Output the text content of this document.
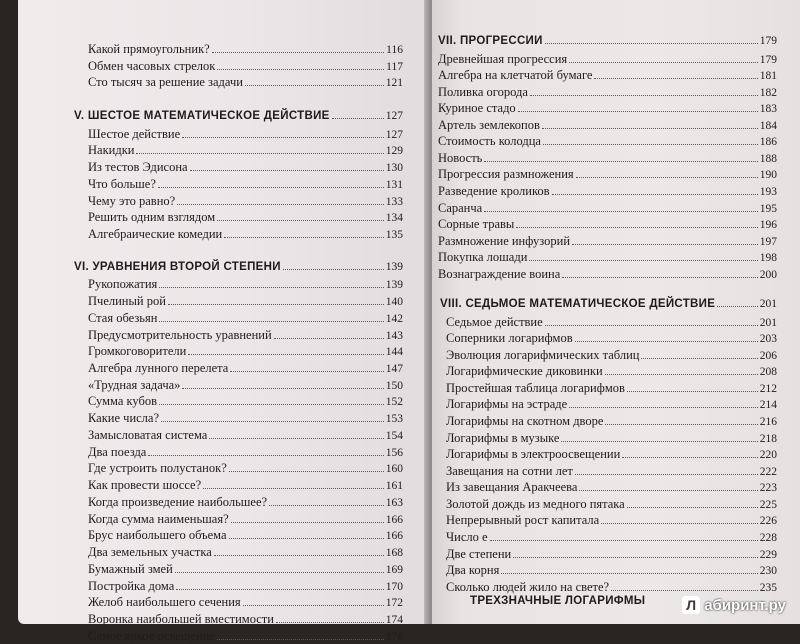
Какой прямоугольник?	116
Обмен часовых стрелок	117
Сто тысяч за решение задачи	121
V. ШЕСТОЕ МАТЕМАТИЧЕСКОЕ ДЕЙСТВИЕ	127
Шестое действие	127
Накидки	129
Из тестов Эдисона	130
Что больше?	131
Чему это равно?	133
Решить одним взглядом	134
Алгебраические комедии	135
VI. УРАВНЕНИЯ ВТОРОЙ СТЕПЕНИ	139
Рукопожатия	139
Пчелиный рой	140
Стая обезьян	142
Предусмотрительность уравнений	143
Громкоговорители	144
Алгебра лунного перелета	147
«Трудная задача»	150
Сумма кубов	152
Какие числа?	153
Замысловатая система	154
Два поезда	156
Где устроить полустанок?	160
Как провести шоссе?	161
Когда произведение наибольшее?	163
Когда сумма наименьшая?	166
Брус наибольшего объема	166
Два земельных участка	168
Бумажный змей	169
Постройка дома	170
Желоб наибольшего сечения	172
Воронка наибольшей вместимости	174
Самое яркое освещение	176
VII. ПРОГРЕССИИ	179
Древнейшая прогрессия	179
Алгебра на клетчатой бумаге	181
Поливка огорода	182
Куриное стадо	183
Артель землекопов	184
Стоимость колодца	186
Новость	188
Прогрессия размножения	190
Разведение кроликов	193
Саранча	195
Сорные травы	196
Размножение инфузорий	197
Покупка лошади	198
Вознаграждение воина	200
VIII. СЕДЬМОЕ МАТЕМАТИЧЕСКОЕ ДЕЙСТВИЕ	201
Седьмое действие	201
Соперники логарифмов	203
Эволюция логарифмических таблиц	206
Логарифмические диковинки	208
Простейшая таблица логарифмов	212
Логарифмы на эстраде	214
Логарифмы на скотном дворе	216
Логарифмы в музыке	218
Логарифмы в электроосвещении	220
Завещания на сотни лет	222
Из завещания Аракчеева	223
Золотой дождь из медного пятака	225
Непрерывный рост капитала	226
Число e	228
Две степени	229
Два корня	230
Сколько людей жило на свете?	235
ТРЕХЗНАЧНЫЕ ЛОГАРИФМЫ	Л абиринт.ру
